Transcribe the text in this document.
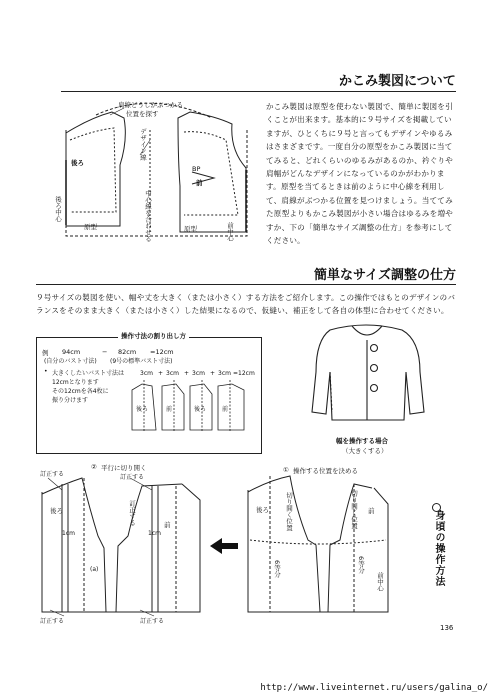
かこみ製図について
かこみ製図は原型を使わない製図で、簡単に製図を引くことが出来ます。基本的に９号サイズを掲載していますが、ひとくちに９号と言ってもデザインやゆるみはさまざまです。一度自分の原型をかこみ製図に当ててみると、どれくらいのゆるみがあるのか、衿ぐりや肩幅がどんなデザインになっているのかがわかります。原型を当てるときは前のように中心線を利用して、肩線がぶつかる位置を見つけましょう。当ててみた原型よりもかこみ製図が小さい場合はゆるみを増やすか、下の「簡単なサイズ調整の仕方」を参考にしてください。
肩線どうしがぶつかる
位置を探す
デザイン線
後ろ
前
BP
後ろ中心	中心線を合わせる
原型	原型	前中心
簡単なサイズ調整の仕方
９号サイズの製図を使い、幅や丈を大きく（または小さく）する方法をご紹介します。この操作ではもとのデザインのバランスをそのまま大きく（または小さく）した結果になるので、仮縫い、補正をして各自の体型に合わせてください。
操作寸法の割り出し方
例 94cm	− 82cm =12cm
(自分のバスト寸法) (9号の標準バスト寸法)
• 大きくしたいバスト寸法は
12cmとなります
その12cmを各4枚に
振り分けます
3cm + 3cm + 3cm + 3cm =12cm
後ろ	前	後ろ	前
幅を操作する場合
（大きくする）
① 操作する位置を決める
② 平行に切り開く
切り開く位置	切り開く位置
後ろ	前
6等分	6等分
前中心
訂正する	訂正する
訂正する
訂正する	訂正する
1cm	1cm
(a)
後ろ
前	身頃の操作方法
136
http://www.liveinternet.ru/users/galina_o/
